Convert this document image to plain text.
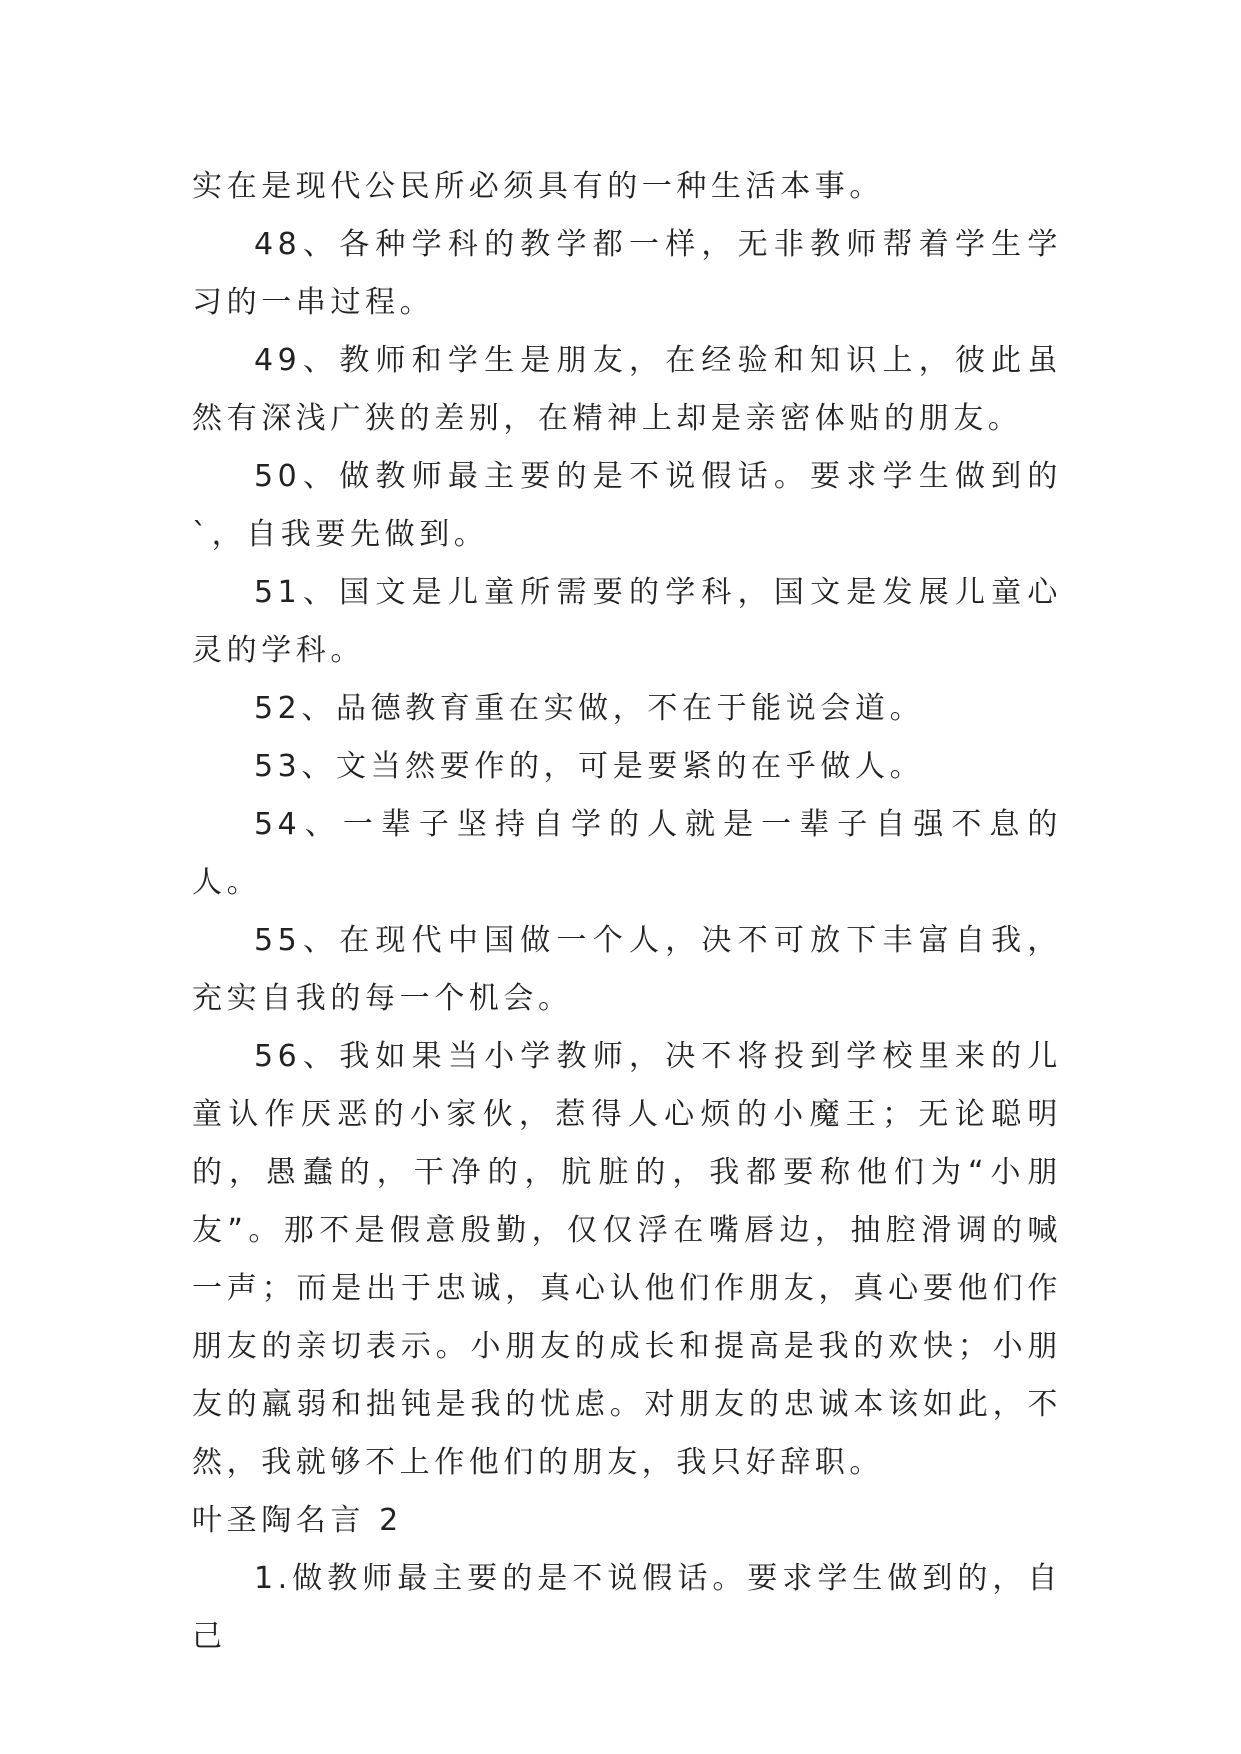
实在是现代公民所必须具有的一种生活本事。

48、各种学科的教学都一样，无非教师帮着学生学习的一串过程。

49、教师和学生是朋友，在经验和知识上，彼此虽然有深浅广狭的差别，在精神上却是亲密体贴的朋友。

50、做教师最主要的是不说假话。要求学生做到的`，自我要先做到。

51、国文是儿童所需要的学科，国文是发展儿童心灵的学科。

52、品德教育重在实做，不在于能说会道。

53、文当然要作的，可是要紧的在乎做人。

54、一辈子坚持自学的人就是一辈子自强不息的人。

55、在现代中国做一个人，决不可放下丰富自我，充实自我的每一个机会。

56、我如果当小学教师，决不将投到学校里来的儿童认作厌恶的小家伙，惹得人心烦的小魔王；无论聪明的，愚蠢的，干净的，肮脏的，我都要称他们为“小朋友”。那不是假意殷勤，仅仅浮在嘴唇边，抽腔滑调的喊一声；而是出于忠诚，真心认他们作朋友，真心要他们作朋友的亲切表示。小朋友的成长和提高是我的欢快；小朋友的羸弱和拙钝是我的忧虑。对朋友的忠诚本该如此，不然，我就够不上作他们的朋友，我只好辞职。

叶圣陶名言 2

1.做教师最主要的是不说假话。要求学生做到的，自己
